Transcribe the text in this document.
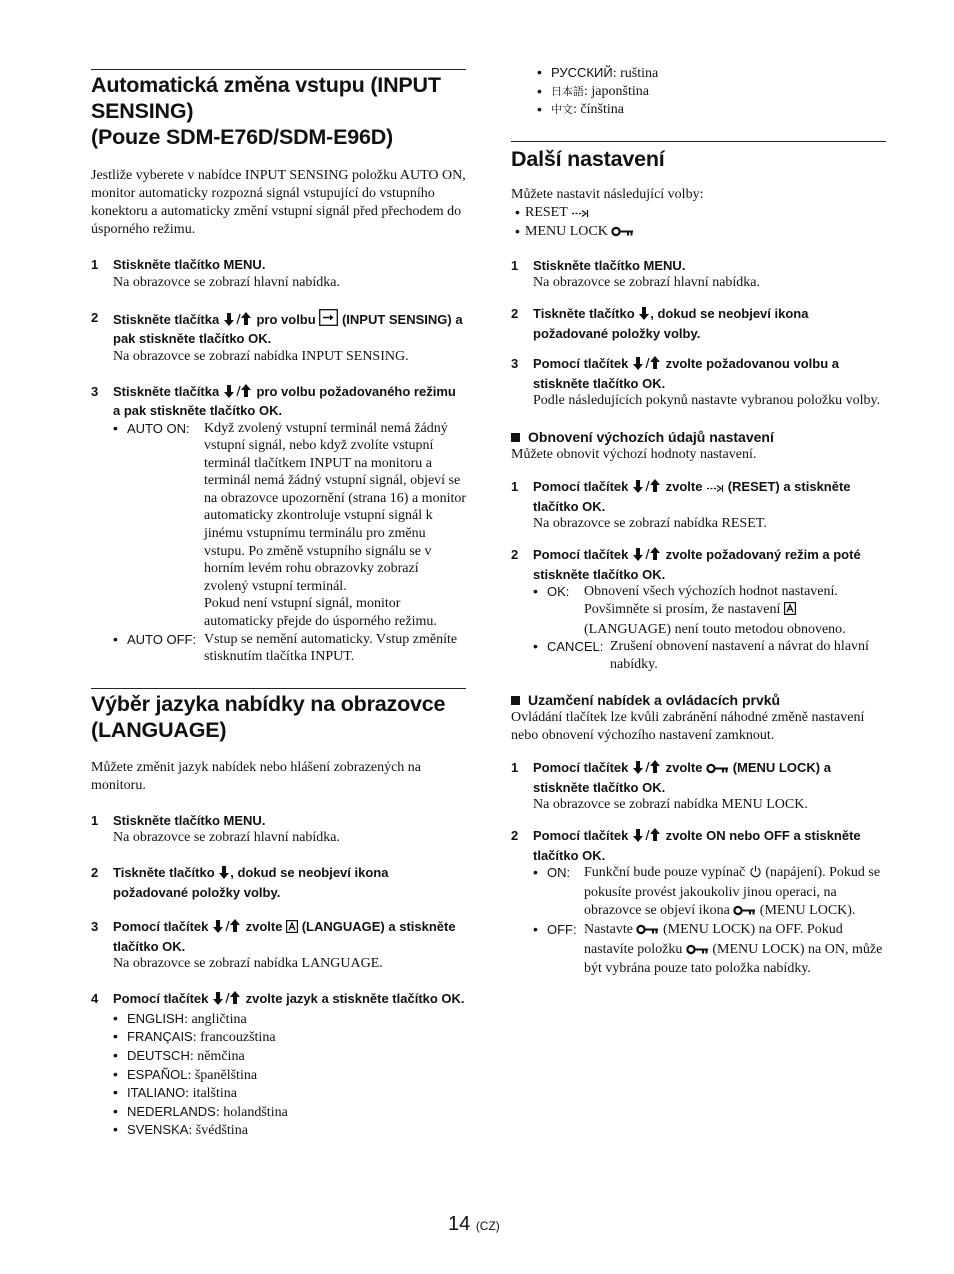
Automatická změna vstupu (INPUT
SENSING)
(Pouze SDM-E76D/SDM-E96D)

Jestliže vyberete v nabídce INPUT SENSING položku AUTO ON, monitor automaticky rozpozná signál vstupující do vstupního konektoru a automaticky změní vstupní signál před přechodem do úsporného režimu.

1 Stiskněte tlačítko MENU.
Na obrazovce se zobrazí hlavní nabídka.
2 Stiskněte tlačítka	pro volbu (INPUT SENSING) a pak stiskněte tlačítko OK.
Na obrazovce se zobrazí nabídka INPUT SENSING.
3 Stiskněte tlačítka	pro volbu požadovaného režimu a pak stiskněte tlačítko OK.
• AUTO ON:	Když zvolený vstupní terminál nemá žádný vstupní signál, nebo když zvolíte vstupní terminál tlačítkem INPUT na monitoru a terminál nemá žádný vstupní signál, objeví se na obrazovce upozornění (strana 16) a monitor automaticky zkontroluje vstupní signál k jinému vstupnímu terminálu pro změnu vstupu. Po změně vstupního signálu se v horním levém rohu obrazovky zobrazí zvolený vstupní terminál.
Pokud není vstupní signál, monitor automaticky přejde do úsporného režimu.
• AUTO OFF: Vstup se nemění automaticky. Vstup změníte stisknutím tlačítka INPUT.
Výběr jazyka nabídky na obrazovce
(LANGUAGE)

Můžete změnit jazyk nabídek nebo hlášení zobrazených na monitoru.

1 Stiskněte tlačítko MENU.
Na obrazovce se zobrazí hlavní nabídka.
2 Tiskněte tlačítko , dokud se neobjeví ikona požadované položky volby.
3 Pomocí tlačítek	zvolte (LANGUAGE) a stiskněte tlačítko OK.
Na obrazovce se zobrazí nabídka LANGUAGE.
4 Pomocí tlačítek	zvolte jazyk a stiskněte tlačítko OK.
• ENGLISH: angličtina
• FRANÇAIS: francouzština
• DEUTSCH: němčina
• ESPAÑOL: španělština
• ITALIANO: italština
• NEDERLANDS: holandština
• SVENSKA: švédština
• РУССКИЙ: ruština
• 日本語: japonština
• 中文: čínština
Další nastavení

Můžete nastavit následující volby:

• RESET
• MENU LOCK
1 Stiskněte tlačítko MENU.
Na obrazovce se zobrazí hlavní nabídka.
2 Tiskněte tlačítko , dokud se neobjeví ikona požadované položky volby.
3 Pomocí tlačítek	zvolte požadovanou volbu a stiskněte tlačítko OK.
Podle následujících pokynů nastavte vybranou položku volby.
Obnovení výchozích údajů nastavení

Můžete obnovit výchozí hodnoty nastavení.

1 Pomocí tlačítek	zvolte (RESET) a stiskněte tlačítko OK.
Na obrazovce se zobrazí nabídka RESET.
2 Pomocí tlačítek	zvolte požadovaný režim a poté stiskněte tlačítko OK.
• OK:	Obnovení všech výchozích hodnot nastavení. Povšimněte si prosím, že nastavení  (LANGUAGE) není touto metodou obnoveno.
• CANCEL: Zrušení obnovení nastavení a návrat do hlavní nabídky.
Uzamčení nabídek a ovládacích prvků

Ovládání tlačítek lze kvůli zabránění náhodné změně nastavení nebo obnovení výchozího nastavení zamknout.

1 Pomocí tlačítek	zvolte (MENU LOCK) a stiskněte tlačítko OK.
Na obrazovce se zobrazí nabídka MENU LOCK.
2 Pomocí tlačítek	zvolte ON nebo OFF a stiskněte tlačítko OK.
• ON: Funkční bude pouze vypínač (napájení). Pokud se pokusíte provést jakoukoliv jinou operaci, na obrazovce se objeví ikona (MENU LOCK).
• OFF: Nastavte (MENU LOCK) na OFF. Pokud nastavíte položku (MENU LOCK) na ON, může být vybrána pouze tato položka nabídky.
14 (CZ)
